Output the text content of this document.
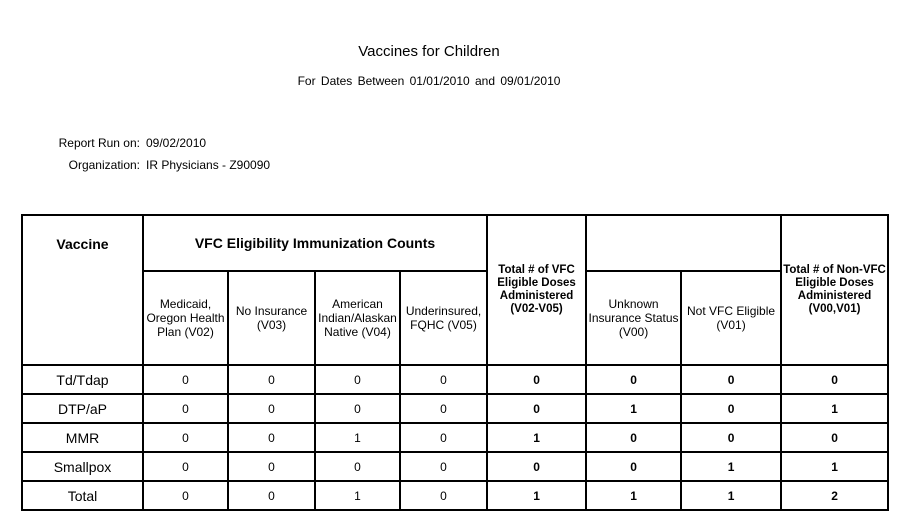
Vaccines for Children
For Dates Between 01/01/2010 and 09/01/2010
Report Run on: 09/02/2010
Organization: IR Physicians - Z90090
Vaccine	VFC Eligibility Immunization Counts				Total # of VFC Eligible Doses Administered (V02-V05)			Total # of Non-VFC Eligible Doses Administered (V00,V01)
	Medicaid, Oregon Health Plan (V02)	No Insurance (V03)	American Indian/Alaskan Native (V04)	Underinsured, FQHC (V05)		Unknown Insurance Status (V00)	Not VFC Eligible (V01)	
Td/Tdap	0	0	0	0	0	0	0	0
DTP/aP	0	0	0	0	0	1	0	1
MMR	0	0	1	0	1	0	0	0
Smallpox	0	0	0	0	0	0	1	1
Total	0	0	1	0	1	1	1	2
